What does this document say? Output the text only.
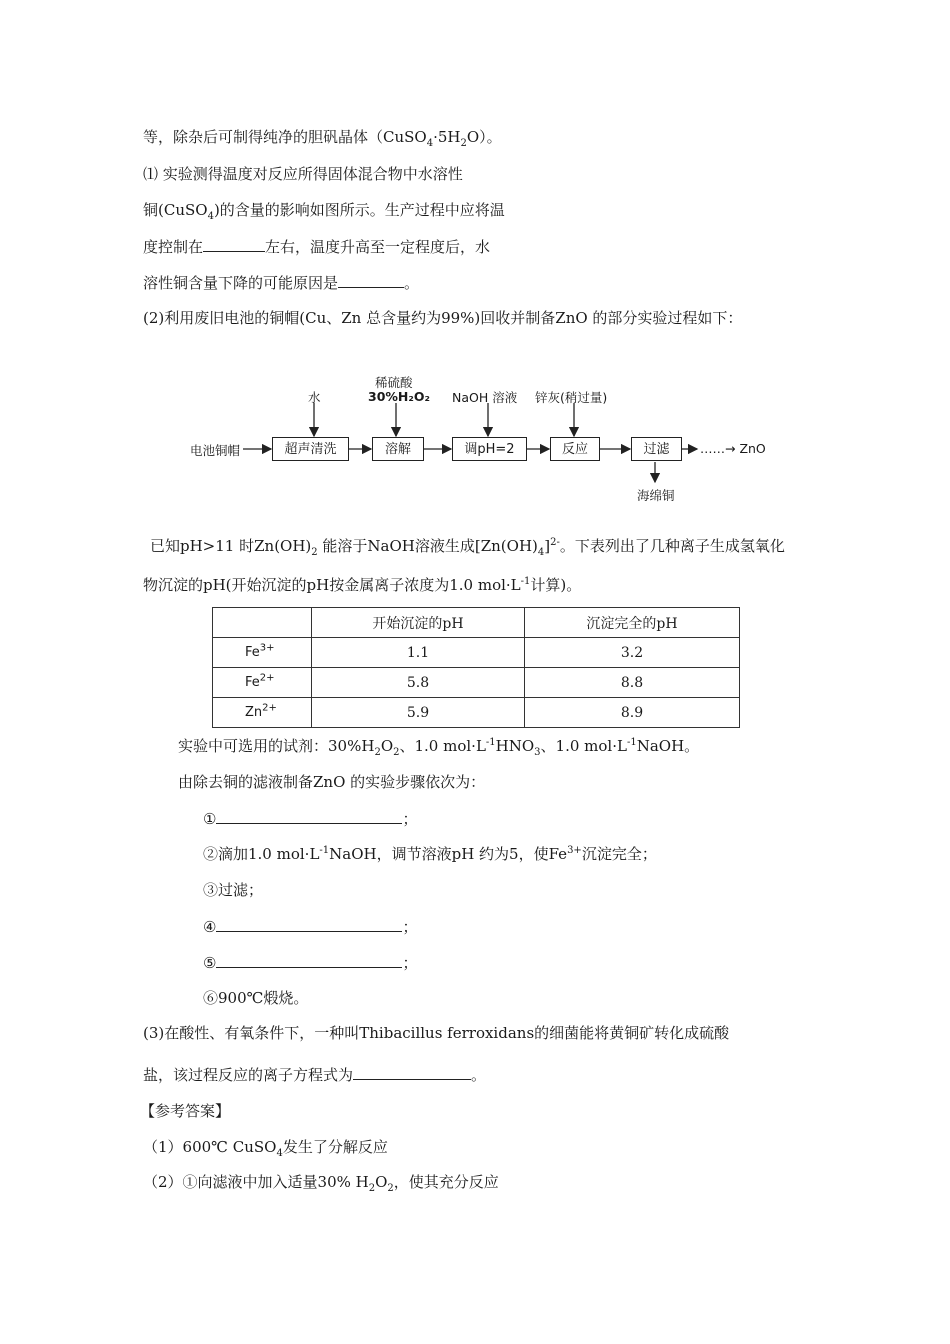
等，除杂后可制得纯净的胆矾晶体$(CuSO_4\cdot 5H_2O)$。
⑴ 实验测得温度对反应所得固体混合物中水溶性
铜(CuSO$_4$)的含量的影响如图所示。生产过程中应将温
度控制在	左右，温度升高至一定程度后，水
溶性铜含量下降的可能原因是	。
(2)利用废旧电池的铜帽(Cu、Zn 总含量约为99%)回收并制备ZnO 的部分实验过程如下：
电池铜帽	超声清洗	溶解	调pH=2	反应	过滤
水
稀硫酸
30%H₂O₂ NaOH 溶液 锌灰(稍过量)
海绵铜
……→ ZnO
已知pH>11 时$Zn(OH)_2$ 能溶于NaOH溶液生成$[Zn(OH)_4]^{2-}$。下表列出了几种离子生成氢氧化
物沉淀的pH(开始沉淀的pH按金属离子浓度为1.0 $mol\cdot L^{-1}$计算)。
	开始沉淀的pH	沉淀完全的pH
$Fe^{3+}$	1.1	3.2
$Fe^{2+}$	5.8	8.8
$Zn^{2+}$	5.9	8.9
实验中可选用的试剂：$30\%H_2O_2$、1.0 $mol\cdot L^{-1}HNO_3$、1.0 $mol\cdot L^{-1}NaOH$。
由除去铜的滤液制备ZnO 的实验步骤依次为：
①	；
②滴加1.0 $mol\cdot L^{-1}NaOH$，调节溶液pH 约为5，使$Fe^{3+}$沉淀完全；
③过滤；
④	；
⑤	；
⑥900℃煅烧。
(3)在酸性、有氧条件下，一种叫Thibacillus ferroxidans的细菌能将黄铜矿转化成硫酸
盐，该过程反应的离子方程式为	。
【参考答案】
（1）600℃ CuSO$_4$发生了分解反应
（2）①向滤液中加入适量30% $H_2O_2$，使其充分反应
